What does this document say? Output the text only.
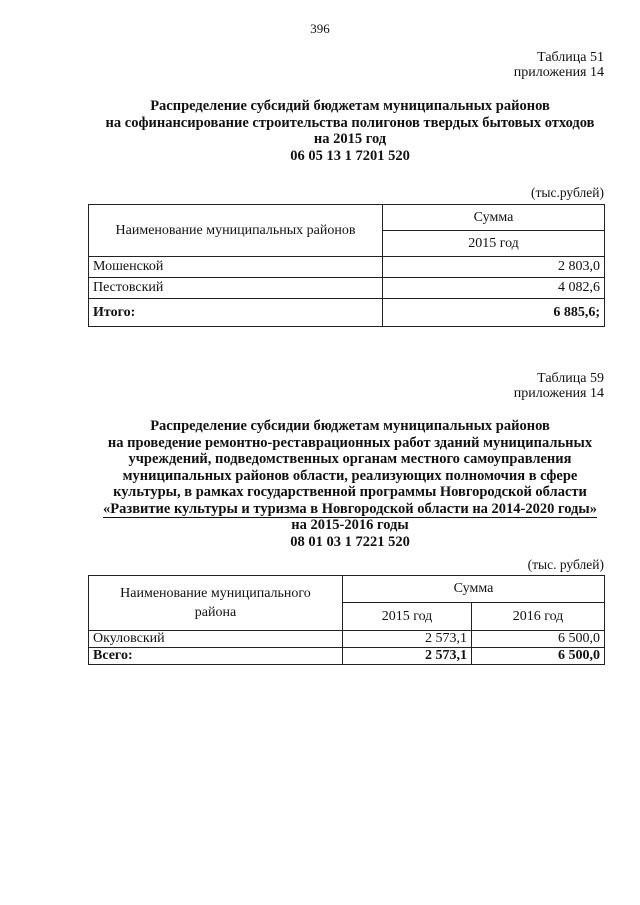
396
Таблица 51
приложения 14
Распределение субсидий бюджетам муниципальных районов
на софинансирование строительства полигонов твердых бытовых отходов
на 2015 год
06 05 13 1 7201 520
(тыс.рублей)
Наименование муниципальных районов	Сумма
	2015 год
Мошенской	2 803,0
Пестовский	4 082,6
Итого:	6 885,6;
Таблица 59
приложения 14
Распределение субсидии бюджетам муниципальных районов
на проведение ремонтно-реставрационных работ зданий муниципальных
учреждений, подведомственных органам местного самоуправления
муниципальных районов области, реализующих полномочия в сфере
культуры, в рамках государственной программы Новгородской области
«Развитие культуры и туризма в Новгородской области на 2014-2020 годы»
на 2015-2016 годы
08 01 03 1 7221 520
(тыс. рублей)
Наименование муниципального
района	Сумма	
	2015 год	2016 год
Окуловский	2 573,1	6 500,0
Всего:	2 573,1	6 500,0
